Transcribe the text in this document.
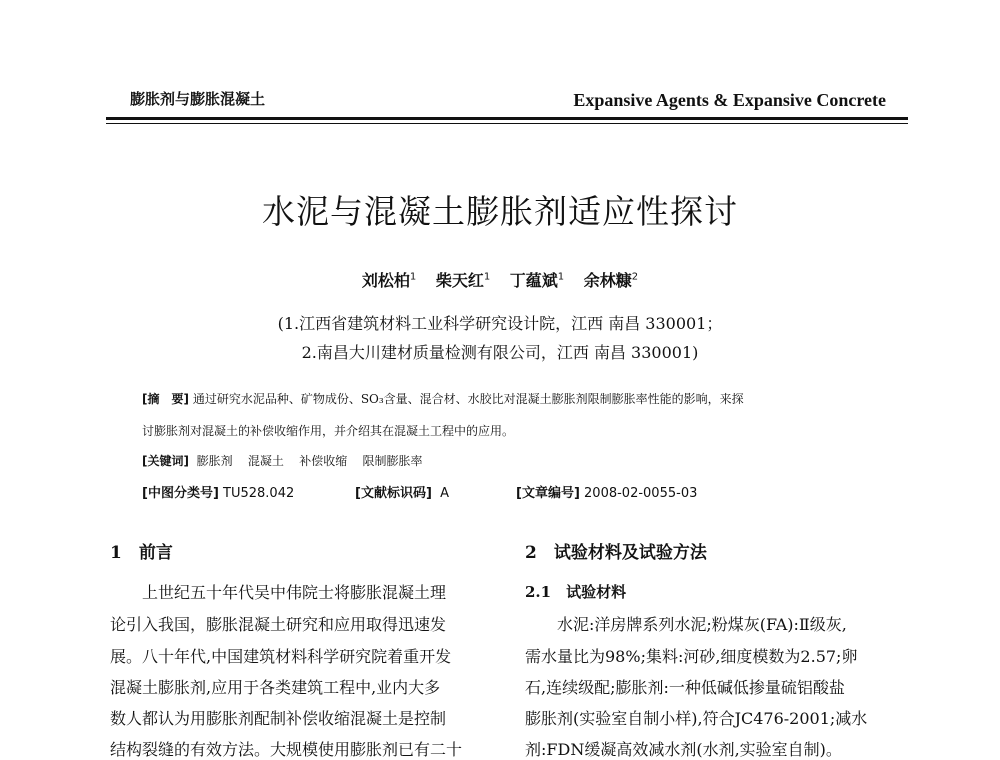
膨胀剂与膨胀混凝土	Expansive Agents & Expansive Concrete
水泥与混凝土膨胀剂适应性探讨
刘松柏$^1$ 柴天红$^1$ 丁蕴斌$^1$ 余林糠$^2$
(1.江西省建筑材料工业科学研究设计院，江西 南昌 330001；
2.南昌大川建材质量检测有限公司，江西 南昌 330001)
[摘　要] 通过研究水泥品种、矿物成份、SO₃含量、混合材、水胶比对混凝土膨胀剂限制膨胀率性能的影响，来探
讨膨胀剂对混凝土的补偿收缩作用，并介绍其在混凝土工程中的应用。
[关键词] 膨胀剂 混凝土 补偿收缩 限制膨胀率
[中图分类号] TU528.042	[文献标识码] A	[文章编号] 2008-02-0055-03
1　前言
　　上世纪五十年代吴中伟院士将膨胀混凝土理
论引入我国，膨胀混凝土研究和应用取得迅速发
展。八十年代,中国建筑材料科学研究院着重开发
混凝土膨胀剂,应用于各类建筑工程中,业内大多
数人都认为用膨胀剂配制补偿收缩混凝土是控制
结构裂缝的有效方法。大规模使用膨胀剂已有二十
2　试验材料及试验方法
2.1　试验材料
　　水泥:洋房牌系列水泥;粉煤灰(FA):Ⅱ级灰,
需水量比为98%;集料:河砂,细度模数为2.57;卵
石,连续级配;膨胀剂:一种低碱低掺量硫铝酸盐
膨胀剂(实验室自制小样),符合JC476-2001;减水
剂:FDN缓凝高效减水剂(水剂,实验室自制)。
